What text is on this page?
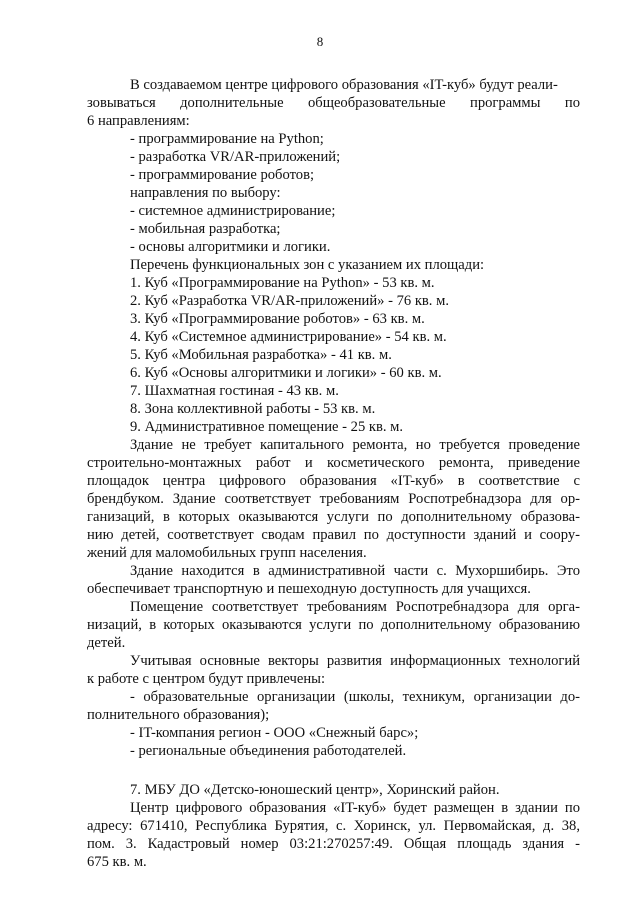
8
В создаваемом центре цифрового образования «IT-куб» будут реали-
зовываться дополнительные общеобразовательные программы по
6 направлениям:
- программирование на Python;
- разработка VR/AR-приложений;
- программирование роботов;
направления по выбору:
- системное администрирование;
- мобильная разработка;
- основы алгоритмики и логики.
Перечень функциональных зон с указанием их площади:
1. Куб «Программирование на Python» - 53 кв. м.
2. Куб «Разработка VR/AR-приложений» - 76 кв. м.
3. Куб «Программирование роботов» - 63 кв. м.
4. Куб «Системное администрирование» - 54 кв. м.
5. Куб «Мобильная разработка» - 41 кв. м.
6. Куб «Основы алгоритмики и логики» - 60 кв. м.
7. Шахматная гостиная - 43 кв. м.
8. Зона коллективной работы - 53 кв. м.
9. Административное помещение - 25 кв. м.
Здание не требует капитального ремонта, но требуется проведение
строительно-монтажных работ и косметического ремонта, приведение
площадок центра цифрового образования «IT-куб» в соответствие с
брендбуком. Здание соответствует требованиям Роспотребнадзора для ор-
ганизаций, в которых оказываются услуги по дополнительному образова-
нию детей, соответствует сводам правил по доступности зданий и соору-
жений для маломобильных групп населения.
Здание находится в административной части с. Мухоршибирь. Это
обеспечивает транспортную и пешеходную доступность для учащихся.
Помещение соответствует требованиям Роспотребнадзора для орга-
низаций, в которых оказываются услуги по дополнительному образованию
детей.
Учитывая основные векторы развития информационных технологий
к работе с центром будут привлечены:
- образовательные организации (школы, техникум, организации до-
полнительного образования);
- IT-компания регион - ООО «Снежный барс»;
- региональные объединения работодателей.
7. МБУ ДО «Детско-юношеский центр», Хоринский район.
Центр цифрового образования «IT-куб» будет размещен в здании по
адресу: 671410, Республика Бурятия, с. Хоринск, ул. Первомайская, д. 38,
пом. 3. Кадастровый номер 03:21:270257:49. Общая площадь здания -
675 кв. м.
